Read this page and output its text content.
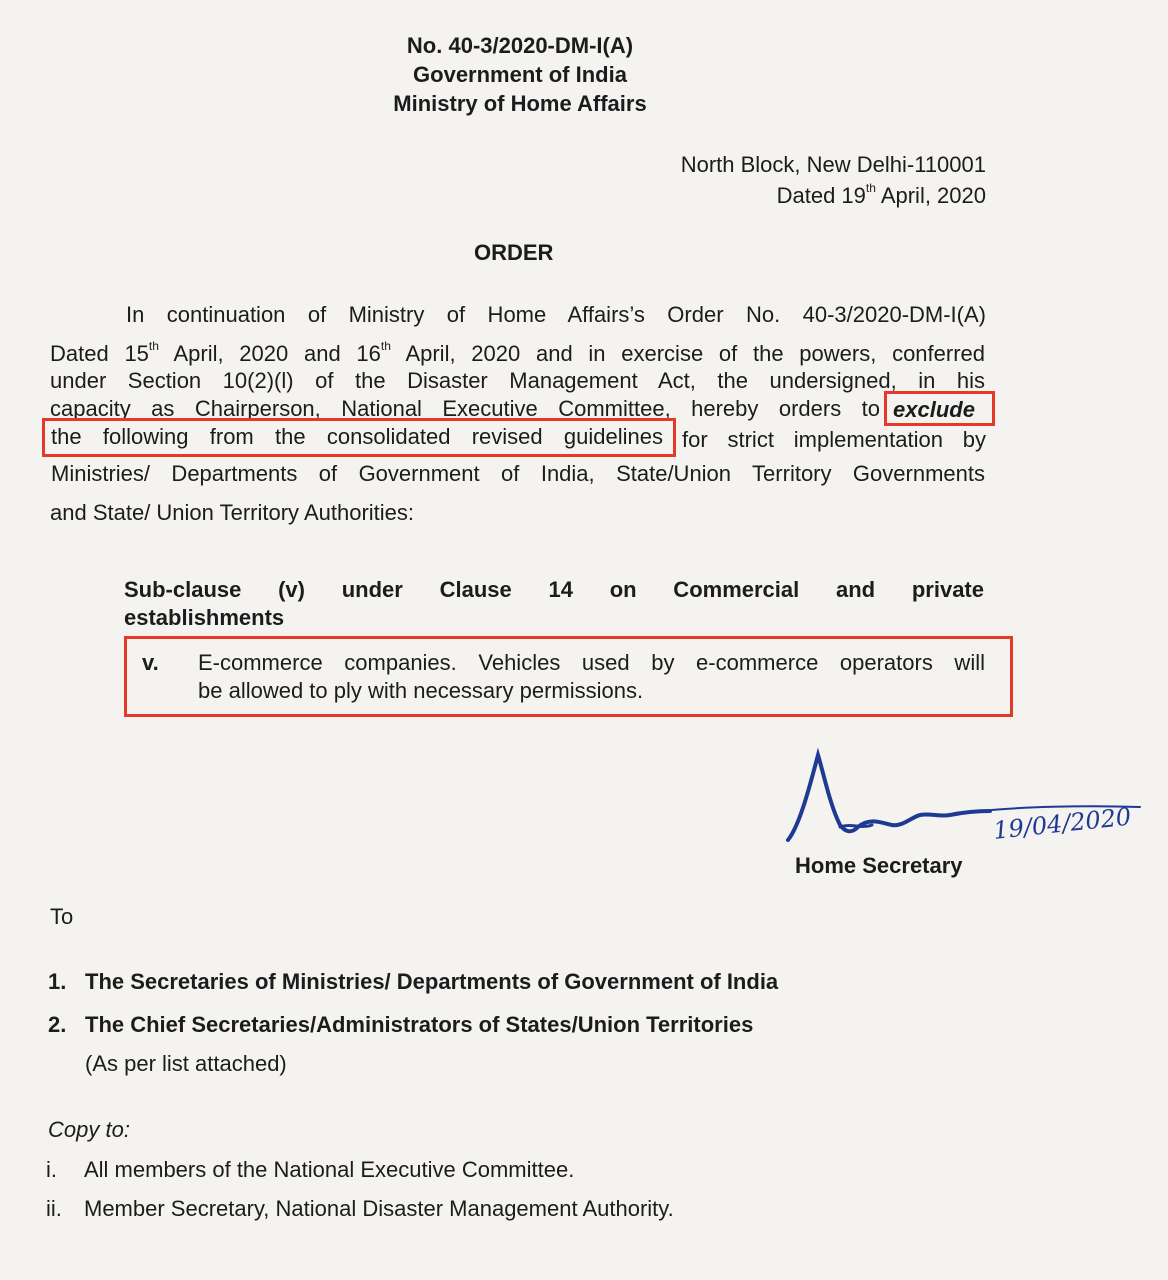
No. 40-3/2020-DM-I(A)
Government of India
Ministry of Home Affairs
North Block, New Delhi-110001
Dated 19th April, 2020
ORDER
In continuation of Ministry of Home Affairs’s Order No. 40-3/2020-DM-I(A)
Dated 15th April, 2020 and 16th April, 2020 and in exercise of the powers, conferred
under Section 10(2)(l) of the Disaster Management Act, the undersigned, in his
capacity as Chairperson, National Executive Committee, hereby orders to exclude
the following from the consolidated revised guidelines for strict implementation by
Ministries/ Departments of Government of India, State/Union Territory Governments
and State/ Union Territory Authorities:
Sub-clause (v) under Clause 14 on Commercial and private
establishments
v. E-commerce companies. Vehicles used by e-commerce operators will
be allowed to ply with necessary permissions.
19/04/2020
Home Secretary
To
1. The Secretaries of Ministries/ Departments of Government of India
2. The Chief Secretaries/Administrators of States/Union Territories
(As per list attached)
Copy to:
i. All members of the National Executive Committee.
ii. Member Secretary, National Disaster Management Authority.
